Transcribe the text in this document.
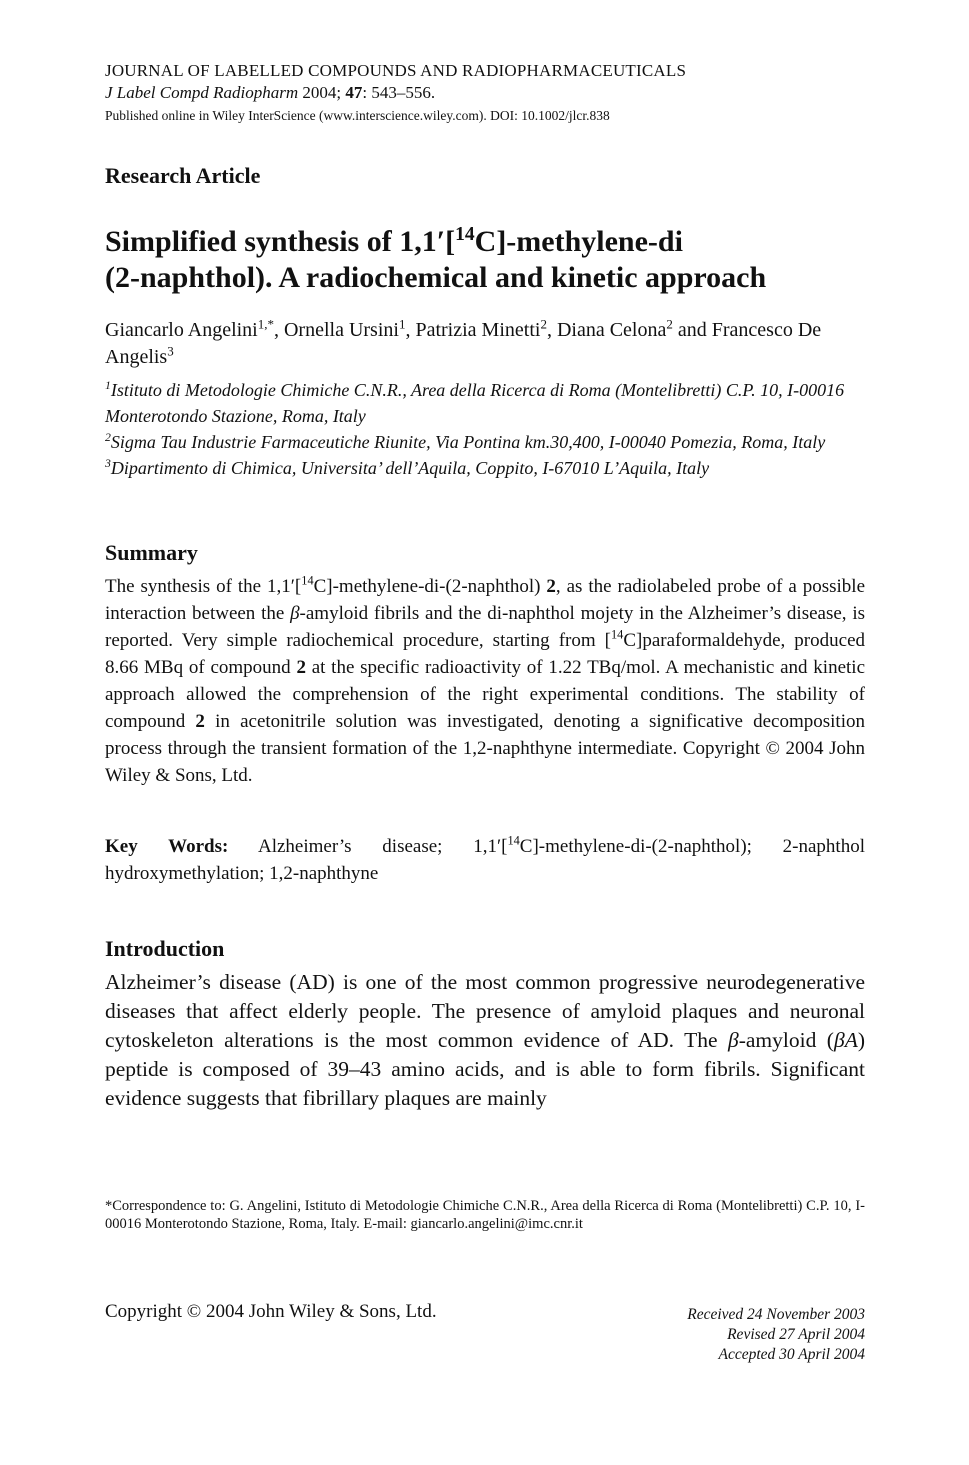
JOURNAL OF LABELLED COMPOUNDS AND RADIOPHARMACEUTICALS
J Label Compd Radiopharm 2004; 47: 543–556.
Published online in Wiley InterScience (www.interscience.wiley.com). DOI: 10.1002/jlcr.838
Research Article
Simplified synthesis of 1,1′[$^{14}$C]-methylene-di
(2-naphthol). A radiochemical and kinetic approach
Giancarlo Angelini$^{1,*}$, Ornella Ursini$^1$, Patrizia Minetti$^2$, Diana Celona$^2$ and Francesco De Angelis$^3$

$^1$Istituto di Metodologie Chimiche C.N.R., Area della Ricerca di Roma (Montelibretti) C.P. 10, I-00016 Monterotondo Stazione, Roma, Italy

$^2$Sigma Tau Industrie Farmaceutiche Riunite, Via Pontina km.30,400, I-00040 Pomezia, Roma, Italy

$^3$Dipartimento di Chimica, Universita’ dell’Aquila, Coppito, I-67010 L’Aquila, Italy

Summary
The synthesis of the 1,1′[$^{14}$C]-methylene-di-(2-naphthol) 2, as the radiolabeled probe of a possible interaction between the β-amyloid fibrils and the di-naphthol mojety in the Alzheimer’s disease, is reported. Very simple radiochemical procedure, starting from [$^{14}$C]paraformaldehyde, produced 8.66 MBq of compound 2 at the specific radioactivity of 1.22 TBq/mol. A mechanistic and kinetic approach allowed the comprehension of the right experimental conditions. The stability of compound 2 in acetonitrile solution was investigated, denoting a significative decomposition process through the transient formation of the 1,2-naphthyne intermediate. Copyright © 2004 John Wiley & Sons, Ltd.
Key Words: Alzheimer’s disease; 1,1′[$^{14}$C]-methylene-di-(2-naphthol); 2-naphthol hydroxymethylation; 1,2-naphthyne
Introduction
Alzheimer’s disease (AD) is one of the most common progressive neurodegenerative diseases that affect elderly people. The presence of amyloid plaques and neuronal cytoskeleton alterations is the most common evidence of AD. The β-amyloid (βA) peptide is composed of 39–43 amino acids, and is able to form fibrils. Significant evidence suggests that fibrillary plaques are mainly
*Correspondence to: G. Angelini, Istituto di Metodologie Chimiche C.N.R., Area della Ricerca di Roma (Montelibretti) C.P. 10, I-00016 Monterotondo Stazione, Roma, Italy. E-mail: giancarlo.angelini@imc.cnr.it
Copyright © 2004 John Wiley & Sons, Ltd.	Received 24 November 2003
Revised 27 April 2004
Accepted 30 April 2004
